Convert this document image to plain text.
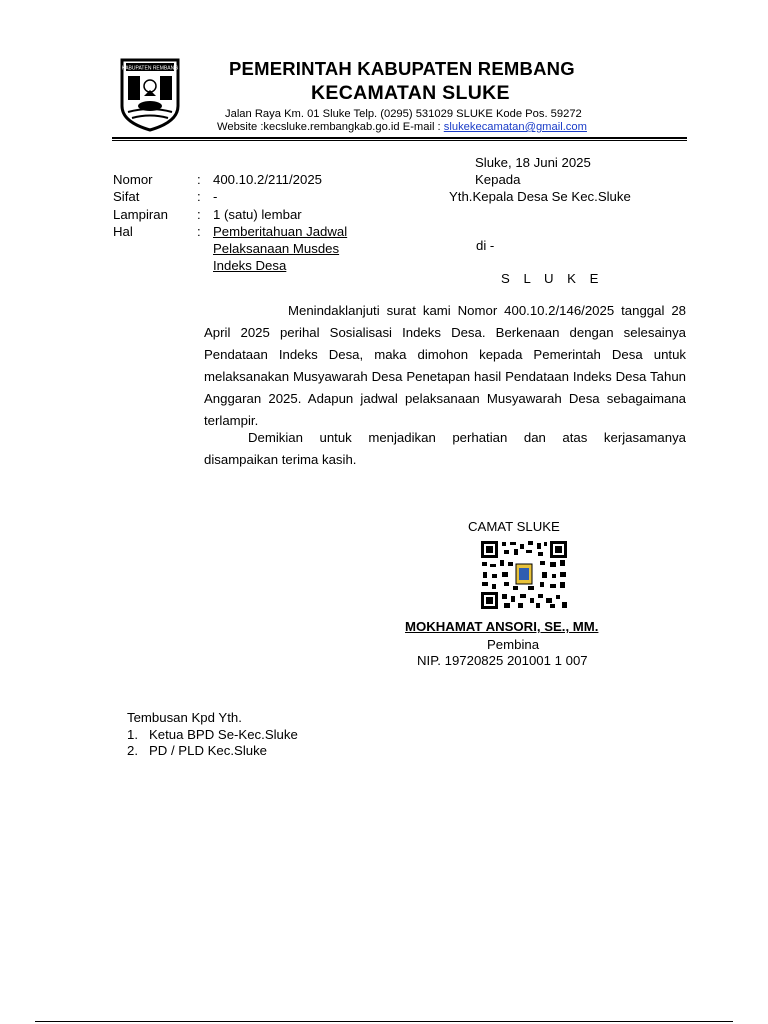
KABUPATEN REMBANG	PEMERINTAH KABUPATEN REMBANG
KECAMATAN SLUKE
Jalan Raya Km. 01 Sluke Telp. (0295) 531029 SLUKE Kode Pos. 59272
Website :kecsluke.rembangkab.go.id E-mail : slukekecamatan@gmail.com
Sluke, 18 Juni 2025
Kepada
Yth.Kepala Desa Se Kec.Sluke
di -
S L U K E
Nomor	: 400.10.2/211/2025
Sifat	: -
Lampiran : 1 (satu) lembar
Hal	: Pemberitahuan Jadwal
Pelaksanaan Musdes
Indeks Desa
Menindaklanjuti surat kami Nomor 400.10.2/146/2025 tanggal 28 April 2025 perihal Sosialisasi Indeks Desa. Berkenaan dengan selesainya Pendataan Indeks Desa, maka dimohon kepada Pemerintah Desa untuk melaksanakan Musyawarah Desa Penetapan hasil Pendataan Indeks Desa Tahun Anggaran 2025. Adapun jadwal pelaksanaan Musyawarah Desa sebagaimana terlampir.
Demikian untuk menjadikan perhatian dan atas kerjasamanya disampaikan terima kasih.
CAMAT SLUKE
MOKHAMAT ANSORI, SE., MM.
Pembina
NIP. 19720825 201001 1 007
Tembusan Kpd Yth.
1. Ketua BPD Se-Kec.Sluke
2. PD / PLD Kec.Sluke
